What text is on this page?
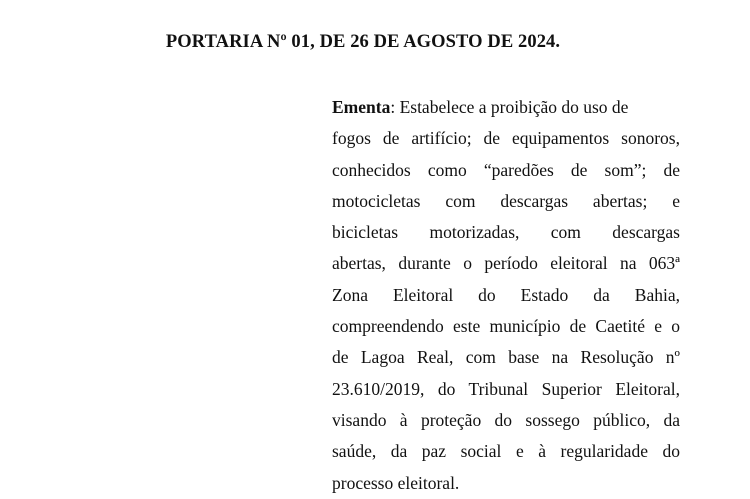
PORTARIA Nº 01, DE 26 DE AGOSTO DE 2024.
Ementa: Estabelece a proibição do uso de
fogos de artifício; de equipamentos sonoros,
conhecidos como “paredões de som”; de
motocicletas com descargas abertas; e
bicicletas motorizadas, com descargas
abertas, durante o período eleitoral na 063ª
Zona Eleitoral do Estado da Bahia,
compreendendo este município de Caetité e o
de Lagoa Real, com base na Resolução nº
23.610/2019, do Tribunal Superior Eleitoral,
visando à proteção do sossego público, da
saúde, da paz social e à regularidade do
processo eleitoral.
